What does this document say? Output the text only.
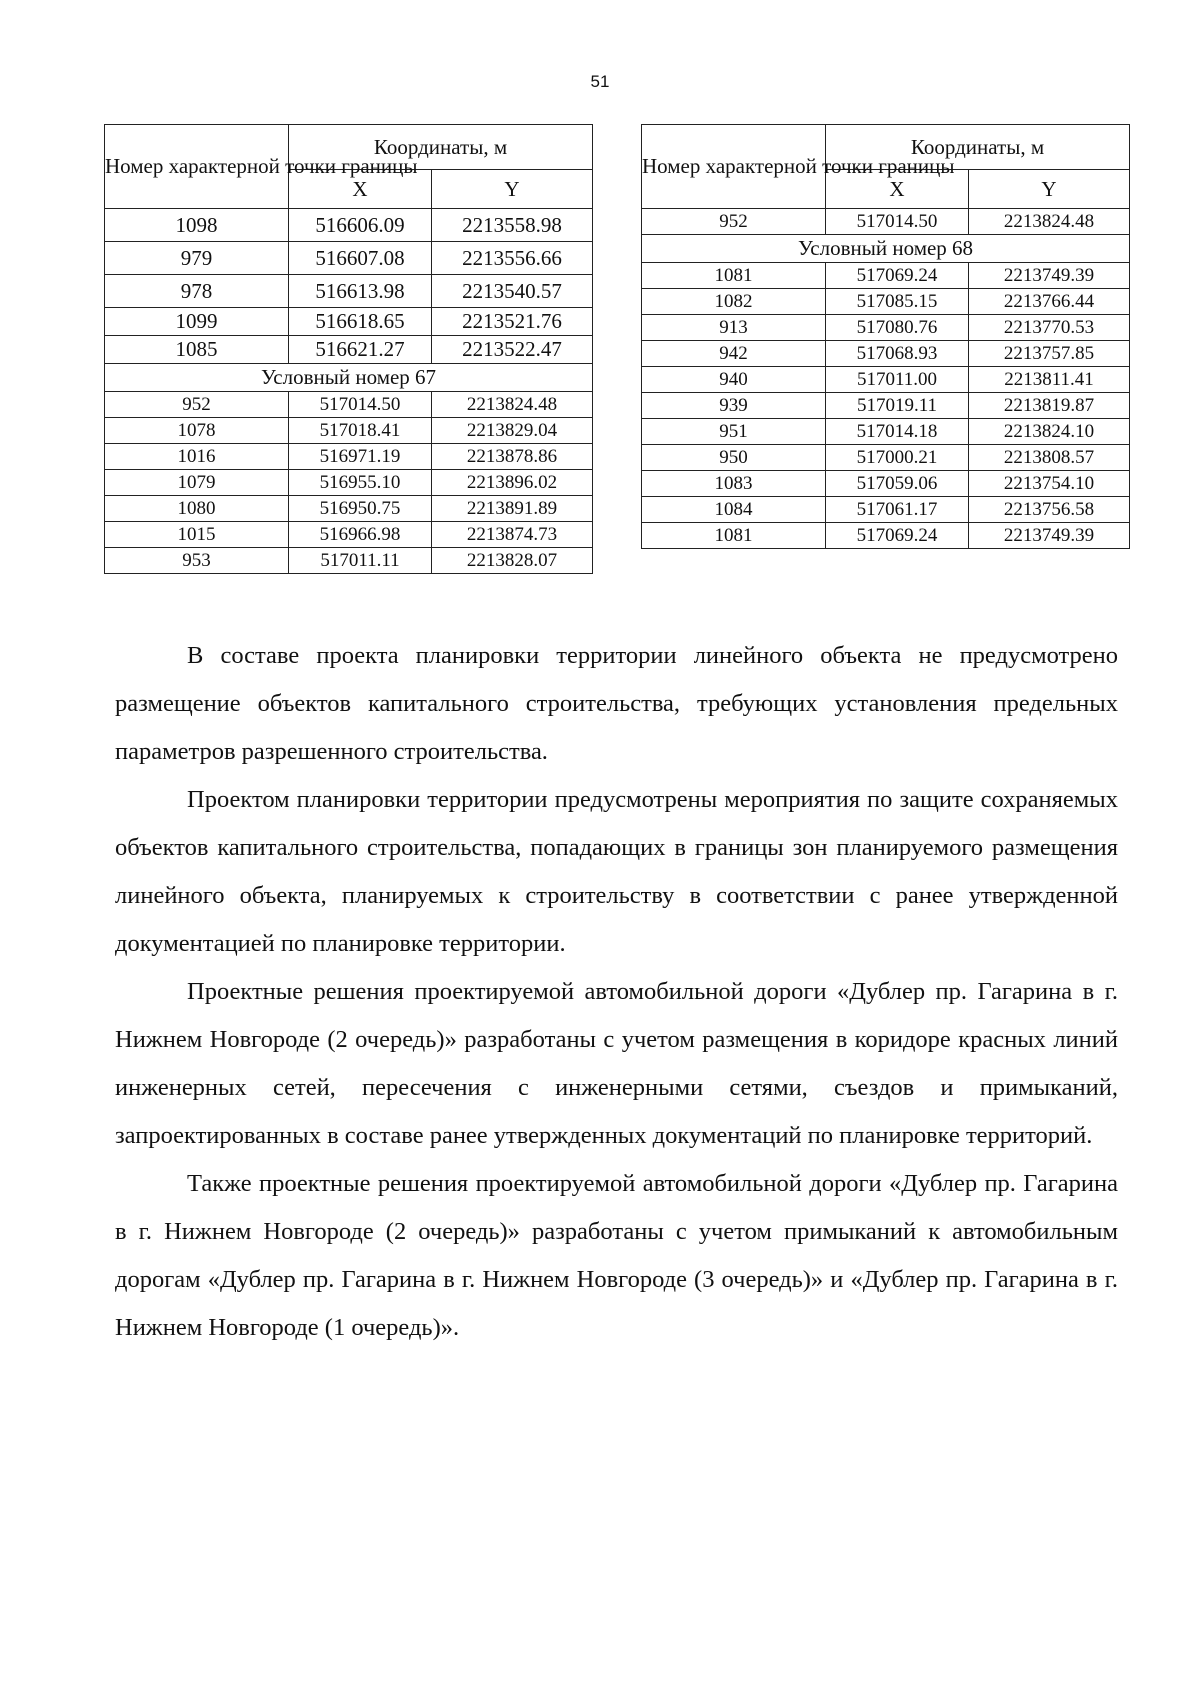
51
Номер характерной точки границы	Координаты, м	
	X	Y
1098	516606.09	2213558.98
979	516607.08	2213556.66
978	516613.98	2213540.57
1099	516618.65	2213521.76
1085	516621.27	2213522.47
Условный номер 67		
952	517014.50	2213824.48
1078	517018.41	2213829.04
1016	516971.19	2213878.86
1079	516955.10	2213896.02
1080	516950.75	2213891.89
1015	516966.98	2213874.73
953	517011.11	2213828.07
Номер характерной точки границы	Координаты, м	
	X	Y
952	517014.50	2213824.48
Условный номер 68		
1081	517069.24	2213749.39
1082	517085.15	2213766.44
913	517080.76	2213770.53
942	517068.93	2213757.85
940	517011.00	2213811.41
939	517019.11	2213819.87
951	517014.18	2213824.10
950	517000.21	2213808.57
1083	517059.06	2213754.10
1084	517061.17	2213756.58
1081	517069.24	2213749.39

В составе проекта планировки территории линейного объекта не предусмотрено размещение объектов капитального строительства, требующих установления предельных параметров разрешенного строительства.

Проектом планировки территории предусмотрены мероприятия по защите сохраняемых объектов капитального строительства, попадающих в границы зон планируемого размещения линейного объекта, планируемых к строительству в соответствии с ранее утвержденной документацией по планировке территории.

Проектные решения проектируемой автомобильной дороги «Дублер пр. Гагарина в г. Нижнем Новгороде (2 очередь)» разработаны с учетом размещения в коридоре красных линий инженерных сетей, пересечения с инженерными сетями, съездов и примыканий, запроектированных в составе ранее утвержденных документаций по планировке территорий.

Также проектные решения проектируемой автомобильной дороги «Дублер пр. Гагарина в г. Нижнем Новгороде (2 очередь)» разработаны с учетом примыканий к автомобильным дорогам «Дублер пр. Гагарина в г. Нижнем Новгороде (3 очередь)» и «Дублер пр. Гагарина в г. Нижнем Новгороде (1 очередь)».
